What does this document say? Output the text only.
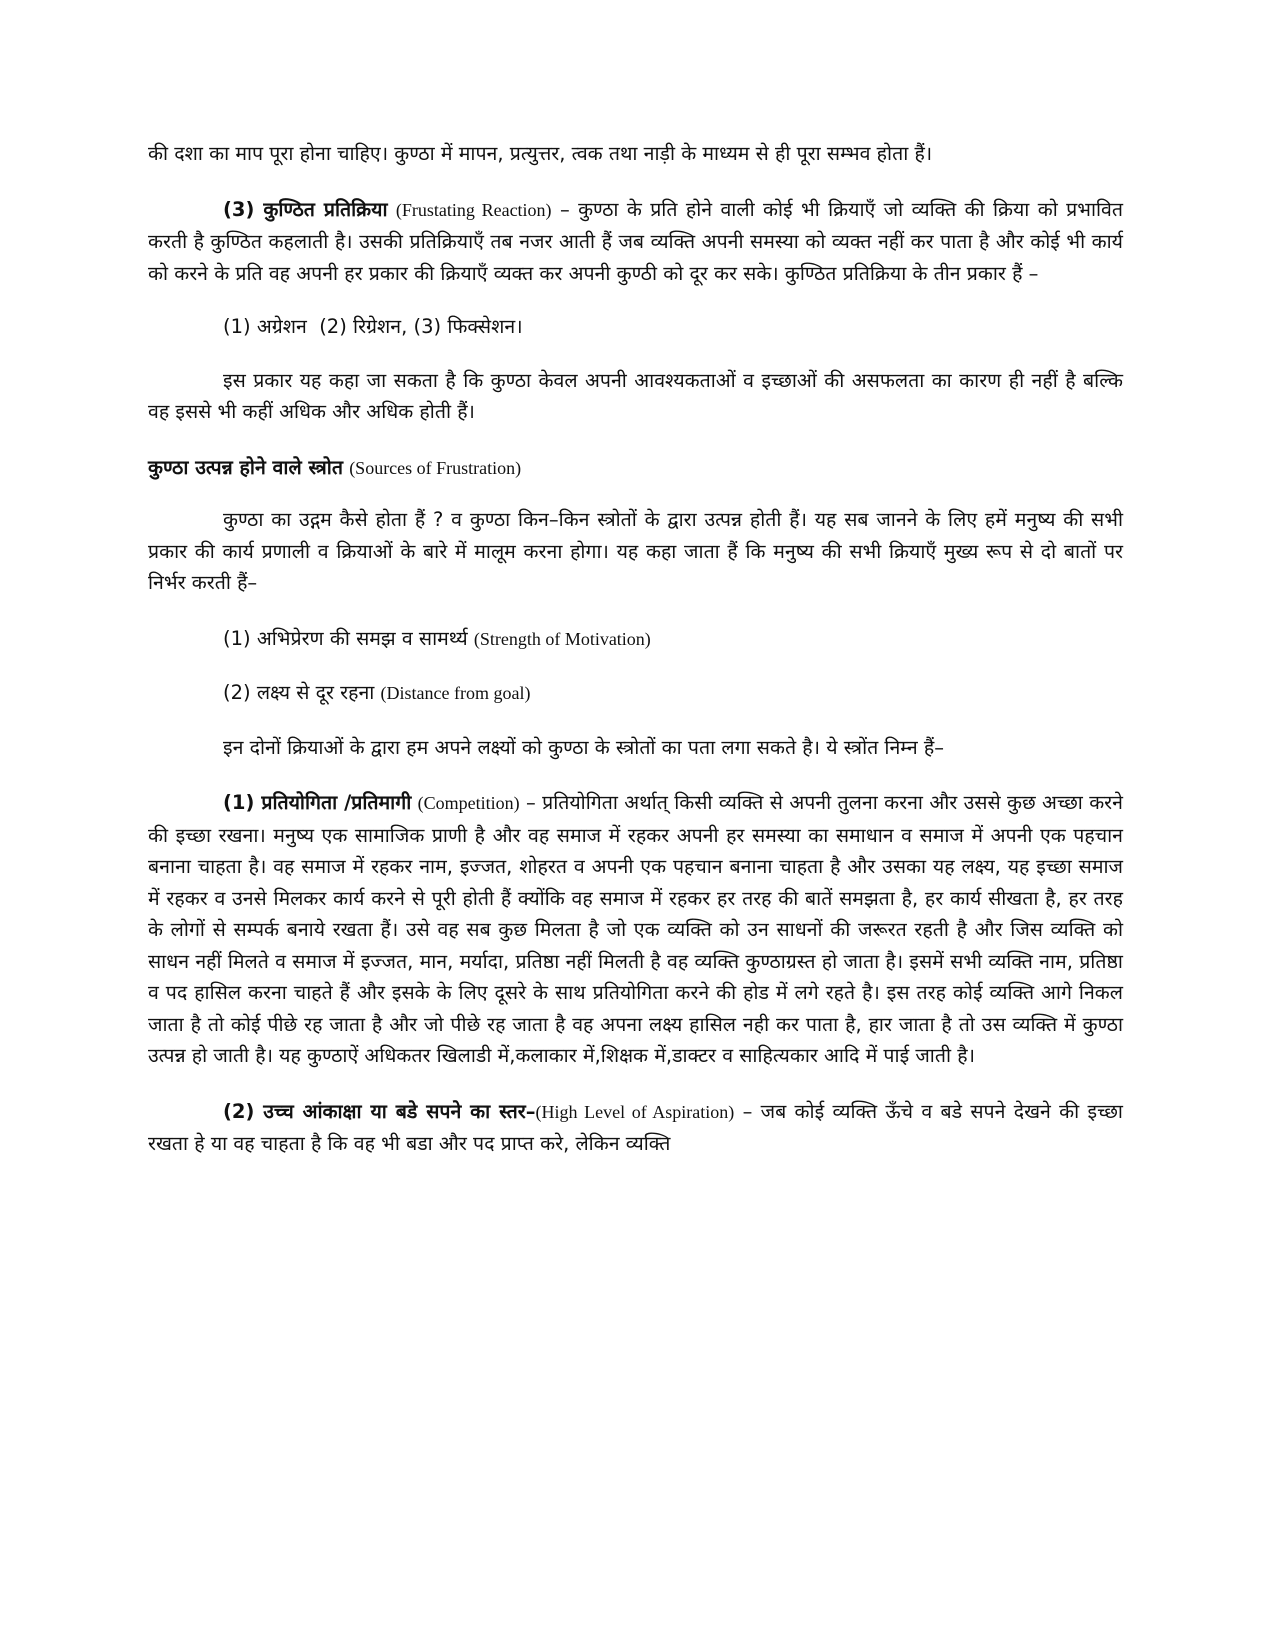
की दशा का माप पूरा होना चाहिए। कुण्ठा में मापन, प्रत्युत्तर, त्वक तथा नाड़ी के माध्यम से ही पूरा सम्भव होता हैं।

(3) कुण्ठित प्रतिक्रिया (Frustating Reaction) – कुण्ठा के प्रति होने वाली कोई भी क्रियाएँ जो व्यक्ति की क्रिया को प्रभावित करती है कुण्ठित कहलाती है। उसकी प्रतिक्रियाएँ तब नजर आती हैं जब व्यक्ति अपनी समस्या को व्यक्त नहीं कर पाता है और कोई भी कार्य को करने के प्रति वह अपनी हर प्रकार की क्रियाएँ व्यक्त कर अपनी कुण्ठी को दूर कर सके। कुण्ठित प्रतिक्रिया के तीन प्रकार हैं –

(1) अग्रेशन  (2) रिग्रेशन, (3) फिक्सेशन।

इस प्रकार यह कहा जा सकता है कि कुण्ठा केवल अपनी आवश्यकताओं व इच्छाओं की असफलता का कारण ही नहीं है बल्कि वह इससे भी कहीं अधिक और अधिक होती हैं।

कुण्ठा उत्पन्न होने वाले स्त्रोत (Sources of Frustration)

कुण्ठा का उद्गम कैसे होता हैं ? व कुण्ठा किन–किन स्त्रोतों के द्वारा उत्पन्न होती हैं। यह सब जानने के लिए हमें मनुष्य की सभी प्रकार की कार्य प्रणाली व क्रियाओं के बारे में मालूम करना होगा। यह कहा जाता हैं कि मनुष्य की सभी क्रियाएँ मुख्य रूप से दो बातों पर निर्भर करती हैं–

(1) अभिप्रेरण की समझ व सामर्थ्य (Strength of Motivation)

(2) लक्ष्य से दूर रहना (Distance from goal)

इन दोनों क्रियाओं के द्वारा हम अपने लक्ष्यों को कुण्ठा के स्त्रोतों का पता लगा सकते है। ये स्त्रोंत निम्न हैं–

(1) प्रतियोगिता /प्रतिमागी (Competition) – प्रतियोगिता अर्थात् किसी व्यक्ति से अपनी तुलना करना और उससे कुछ अच्छा करने की इच्छा रखना। मनुष्य एक सामाजिक प्राणी है और वह समाज में रहकर अपनी हर समस्या का समाधान व समाज में अपनी एक पहचान बनाना चाहता है। वह समाज में रहकर नाम, इज्जत, शोहरत व अपनी एक पहचान बनाना चाहता है और उसका यह लक्ष्य, यह इच्छा समाज में रहकर व उनसे मिलकर कार्य करने से पूरी होती हैं क्योंकि वह समाज में रहकर हर तरह की बातें समझता है, हर कार्य सीखता है, हर तरह के लोगों से सम्पर्क बनाये रखता हैं। उसे वह सब कुछ मिलता है जो एक व्यक्ति को उन साधनों की जरूरत रहती है और जिस व्यक्ति को साधन नहीं मिलते व समाज में इज्जत, मान, मर्यादा, प्रतिष्ठा नहीं मिलती है वह व्यक्ति कुण्ठाग्रस्त हो जाता है। इसमें सभी व्यक्ति नाम, प्रतिष्ठा व पद हासिल करना चाहते हैं और इसके के लिए दूसरे के साथ प्रतियोगिता करने की होड में लगे रहते है। इस तरह कोई व्यक्ति आगे निकल जाता है तो कोई पीछे रह जाता है और जो पीछे रह जाता है वह अपना लक्ष्य हासिल नही कर पाता है, हार जाता है तो उस व्यक्ति में कुण्ठा उत्पन्न हो जाती है। यह कुण्ठाऐं अधिकतर खिलाडी में,कलाकार में,शिक्षक में,डाक्टर व साहित्यकार आदि में पाई जाती है।

(2) उच्च आंकाक्षा या बडे सपने का स्तर–(High Level of Aspiration) – जब कोई व्यक्ति ऊँचे व बडे सपने देखने की इच्छा रखता हे या वह चाहता है कि वह भी बडा और पद प्राप्त करे, लेकिन व्यक्ति
